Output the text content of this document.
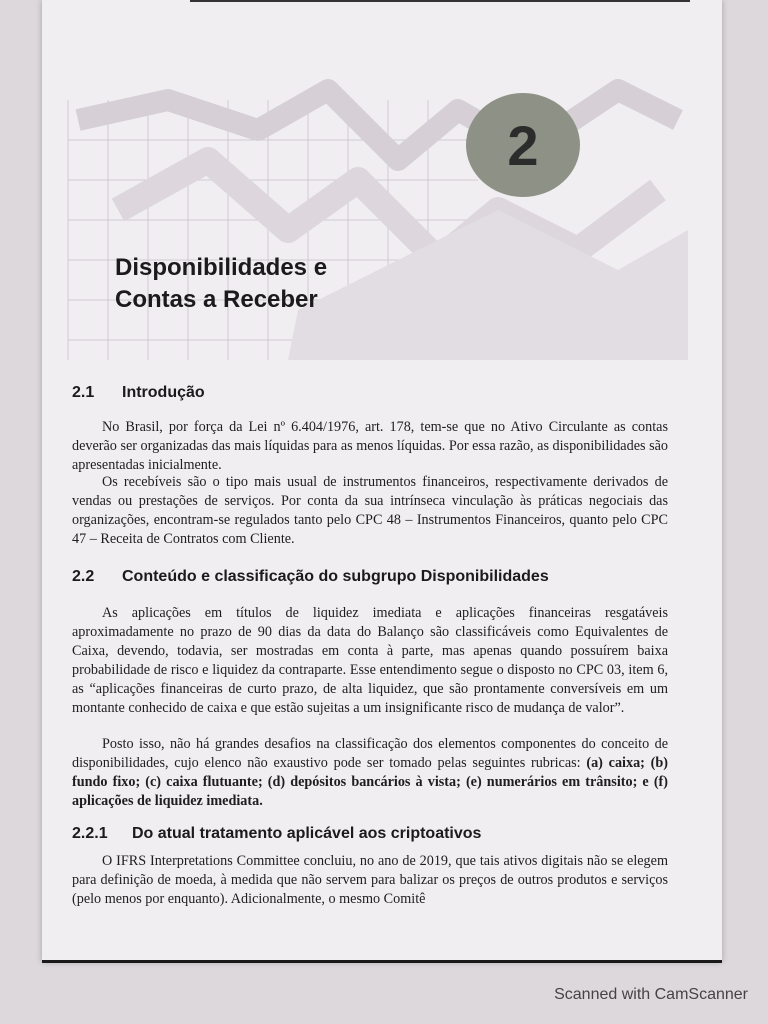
2
Disponibilidades e
Contas a Receber
2.1 Introdução

No Brasil, por força da Lei nº 6.404/1976, art. 178, tem-se que no Ativo Circulante as contas deverão ser organizadas das mais líquidas para as menos líquidas. Por essa razão, as disponibilidades são apresentadas inicialmente.

Os recebíveis são o tipo mais usual de instrumentos financeiros, respectivamente derivados de vendas ou prestações de serviços. Por conta da sua intrínseca vinculação às práticas negociais das organizações, encontram-se regulados tanto pelo CPC 48 – Instrumentos Financeiros, quanto pelo CPC 47 – Receita de Contratos com Cliente.

2.2 Conteúdo e classificação do subgrupo Disponibilidades

As aplicações em títulos de liquidez imediata e aplicações financeiras resgatáveis aproximadamente no prazo de 90 dias da data do Balanço são classificáveis como Equivalentes de Caixa, devendo, todavia, ser mostradas em conta à parte, mas apenas quando possuírem baixa probabilidade de risco e liquidez da contraparte. Esse entendimento segue o disposto no CPC 03, item 6, as “aplicações financeiras de curto prazo, de alta liquidez, que são prontamente conversíveis em um montante conhecido de caixa e que estão sujeitas a um insignificante risco de mudança de valor”.

Posto isso, não há grandes desafios na classificação dos elementos componentes do conceito de disponibilidades, cujo elenco não exaustivo pode ser tomado pelas seguintes rubricas: (a) caixa; (b) fundo fixo; (c) caixa flutuante; (d) depósitos bancários à vista; (e) numerários em trânsito; e (f) aplicações de liquidez imediata.

2.2.1 Do atual tratamento aplicável aos criptoativos

O IFRS Interpretations Committee concluiu, no ano de 2019, que tais ativos digitais não se elegem para definição de moeda, à medida que não servem para balizar os preços de outros produtos e serviços (pelo menos por enquanto). Adicionalmente, o mesmo Comitê

Scanned with CamScanner
